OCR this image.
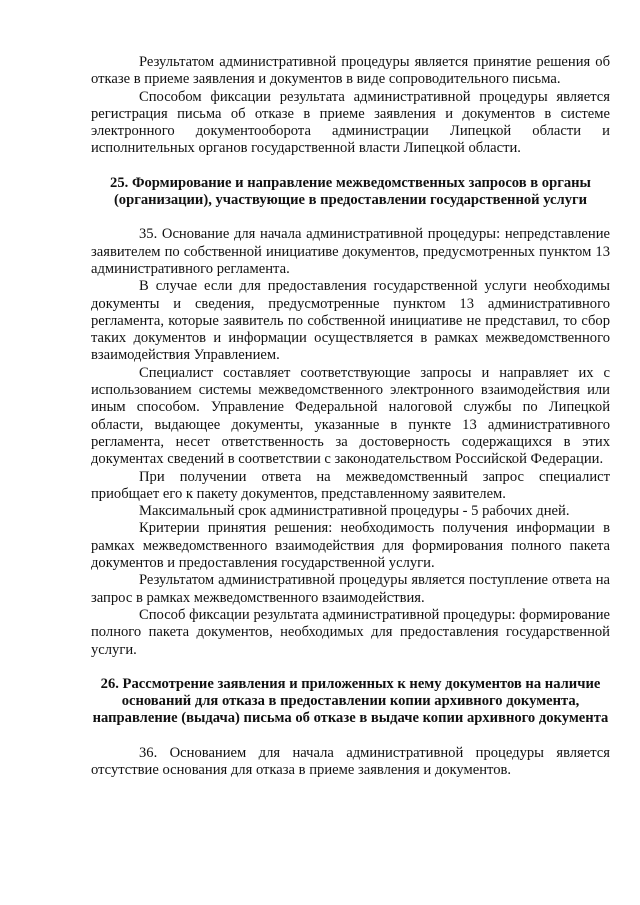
Результатом административной процедуры является принятие решения об отказе в приеме заявления и документов в виде сопроводительного письма.

Способом фиксации результата административной процедуры является регистрация письма об отказе в приеме заявления и документов в системе электронного документооборота администрации Липецкой области и исполнительных органов государственной власти Липецкой области.

25. Формирование и направление межведомственных запросов в органы (организации), участвующие в предоставлении государственной услуги

35. Основание для начала административной процедуры: непредставление заявителем по собственной инициативе документов, предусмотренных пунктом 13 административного регламента.

В случае если для предоставления государственной услуги необходимы документы и сведения, предусмотренные пунктом 13 административного регламента, которые заявитель по собственной инициативе не представил, то сбор таких документов и информации осуществляется в рамках межведомственного взаимодействия Управлением.

Специалист составляет соответствующие запросы и направляет их с использованием системы межведомственного электронного взаимодействия или иным способом. Управление Федеральной налоговой службы по Липецкой области, выдающее документы, указанные в пункте 13 административного регламента, несет ответственность за достоверность содержащихся в этих документах сведений в соответствии с законодательством Российской Федерации.

При получении ответа на межведомственный запрос специалист приобщает его к пакету документов, представленному заявителем.

Максимальный срок административной процедуры - 5 рабочих дней.

Критерии принятия решения: необходимость получения информации в рамках межведомственного взаимодействия для формирования полного пакета документов и предоставления государственной услуги.

Результатом административной процедуры является поступление ответа на запрос в рамках межведомственного взаимодействия.

Способ фиксации результата административной процедуры: формирование полного пакета документов, необходимых для предоставления государственной услуги.

26. Рассмотрение заявления и приложенных к нему документов на наличие оснований для отказа в предоставлении копии архивного документа, направление (выдача) письма об отказе в выдаче копии архивного документа

36. Основанием для начала административной процедуры является отсутствие основания для отказа в приеме заявления и документов.
